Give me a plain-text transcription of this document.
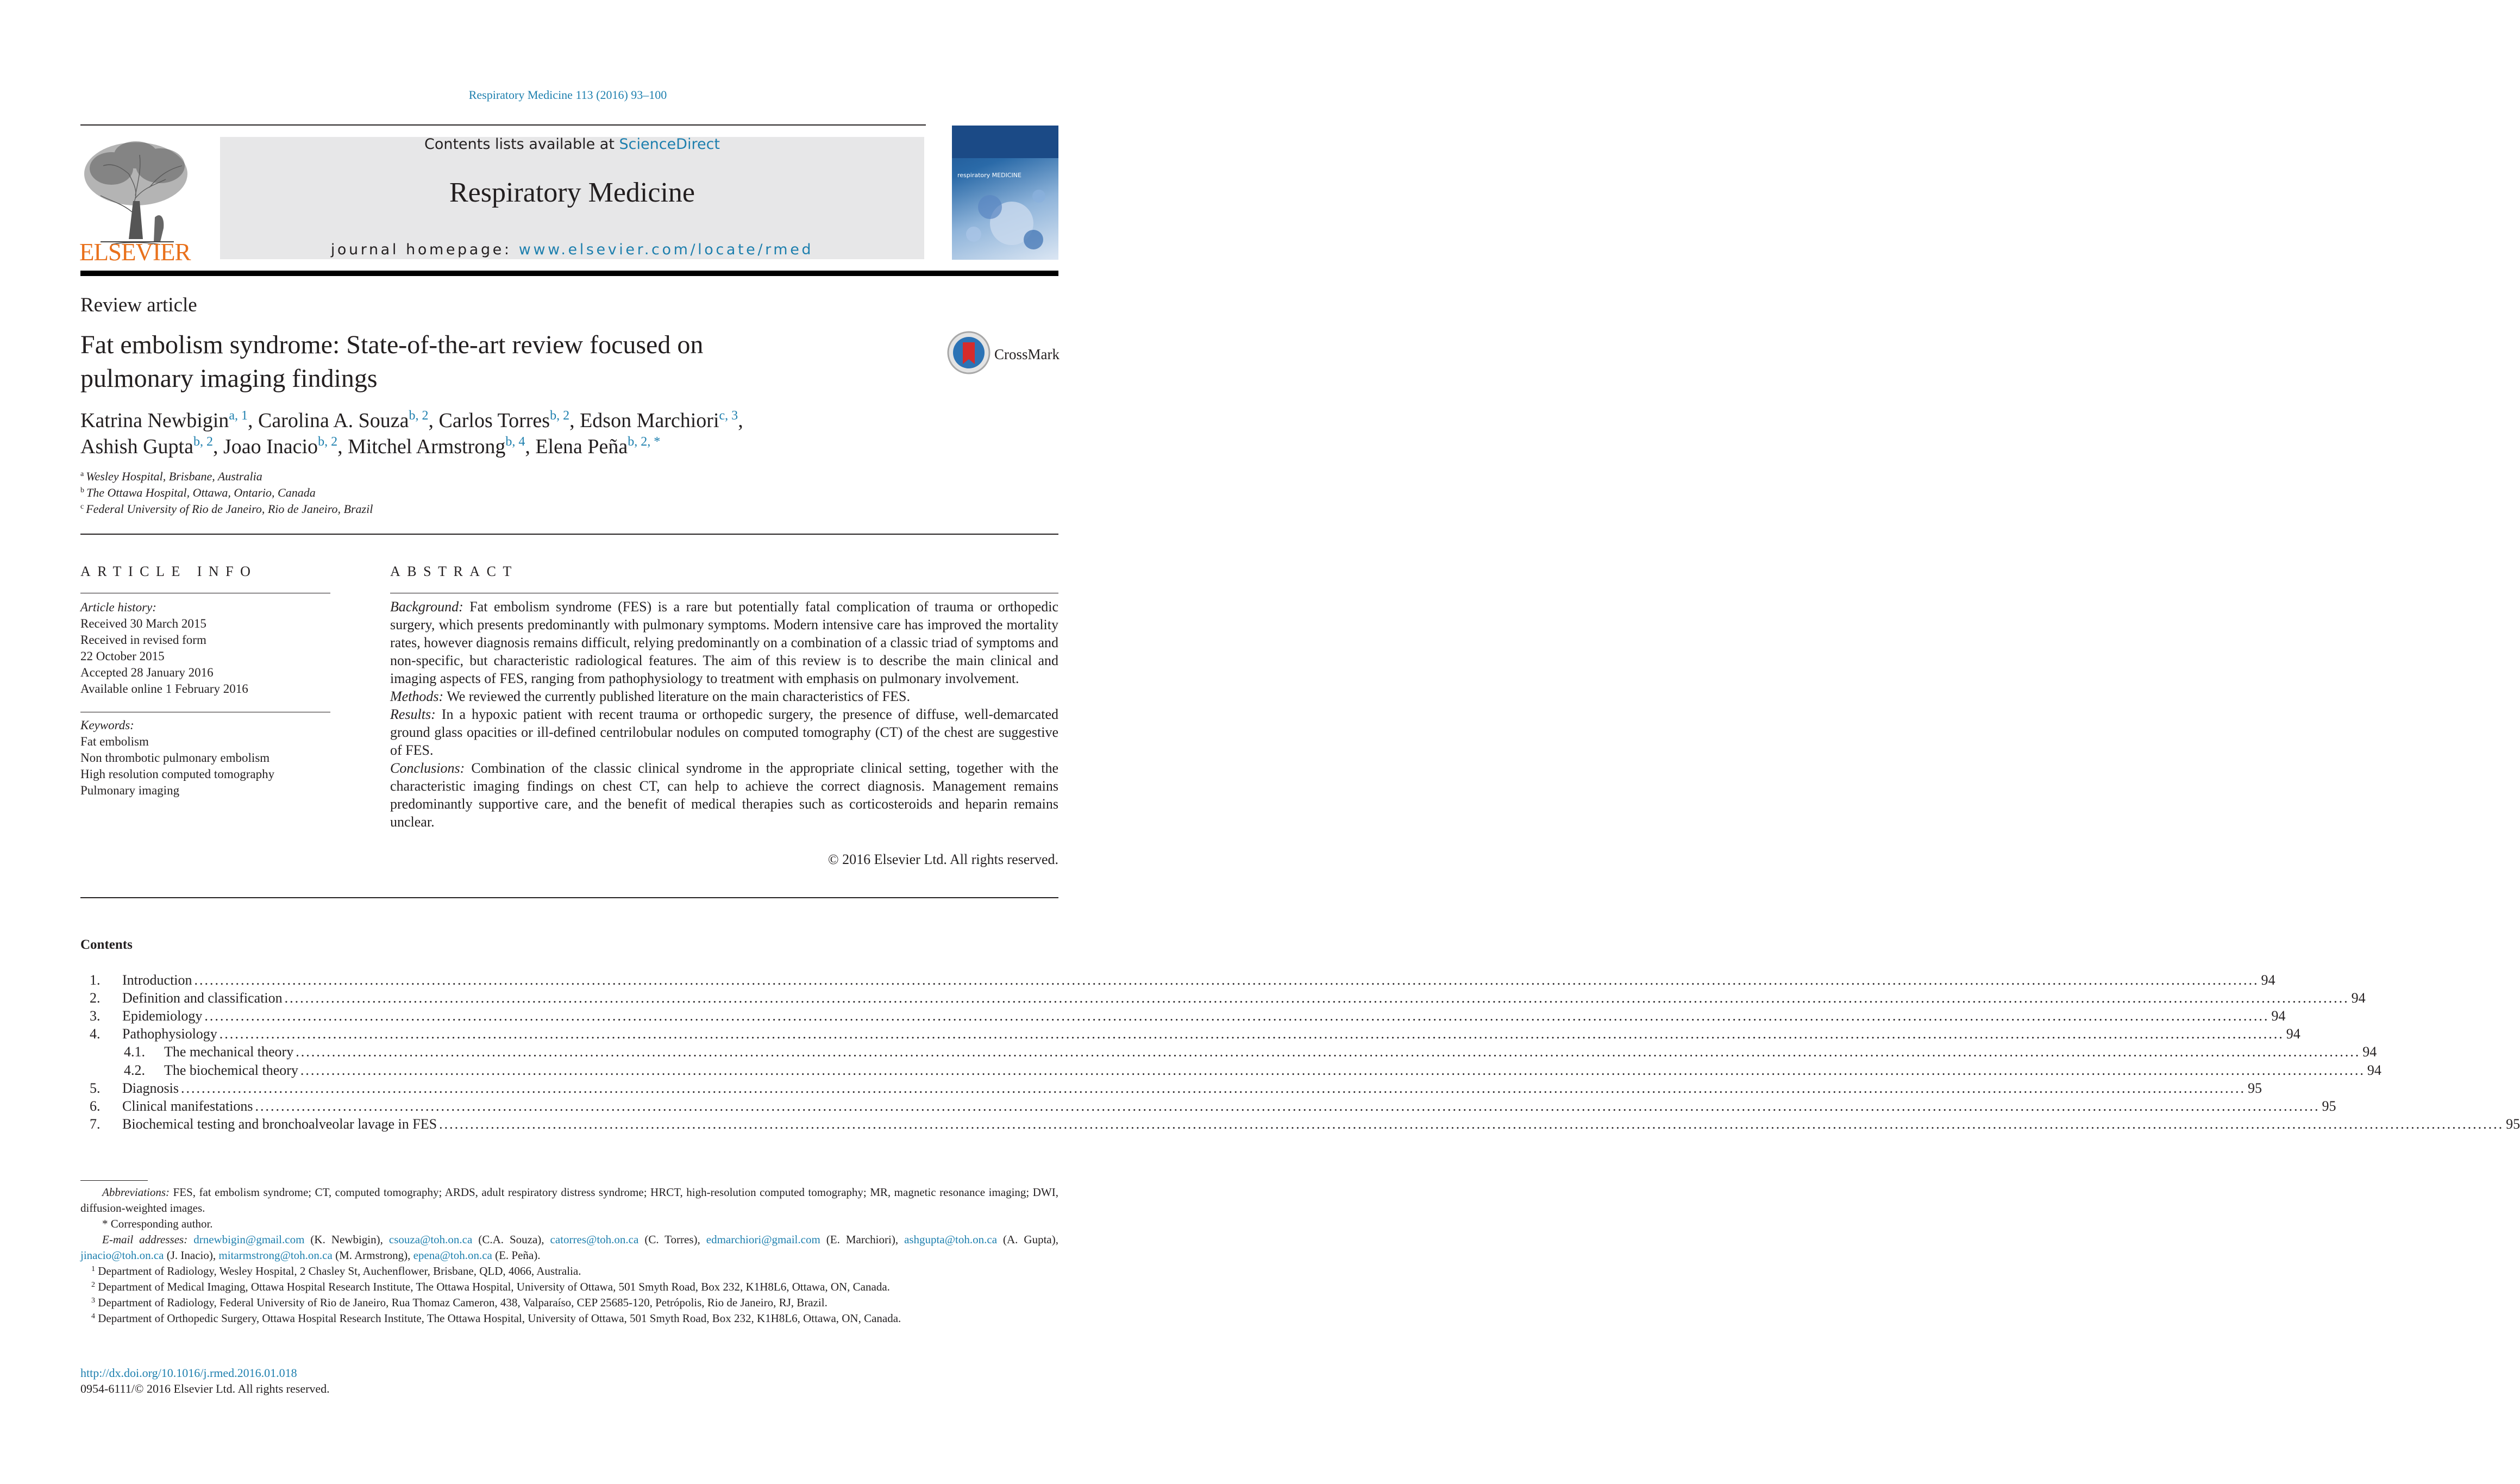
Respiratory Medicine 113 (2016) 93–100
ELSEVIER
Contents lists available at ScienceDirect
Respiratory Medicine
journal homepage: www.elsevier.com/locate/rmed
respiratory MEDICINE
Review article
Fat embolism syndrome: State-of-the-art review focused on
pulmonary imaging findings
CrossMark
Katrina Newbigin$^{a, 1}$, Carolina A. Souza$^{b, 2}$, Carlos Torres$^{b, 2}$, Edson Marchiori$^{c, 3}$,
Ashish Gupta$^{b, 2}$, Joao Inacio$^{b, 2}$, Mitchel Armstrong$^{b, 4}$, Elena Peña$^{b, 2, *}$
$^a$ Wesley Hospital, Brisbane, Australia
$^b$ The Ottawa Hospital, Ottawa, Ontario, Canada
$^c$ Federal University of Rio de Janeiro, Rio de Janeiro, Brazil
ARTICLE INFO
Article history:
Received 30 March 2015
Received in revised form
22 October 2015
Accepted 28 January 2016
Available online 1 February 2016
Keywords:
Fat embolism
Non thrombotic pulmonary embolism
High resolution computed tomography
Pulmonary imaging
ABSTRACT

Background: Fat embolism syndrome (FES) is a rare but potentially fatal complication of trauma or orthopedic surgery, which presents predominantly with pulmonary symptoms. Modern intensive care has improved the mortality rates, however diagnosis remains difficult, relying predominantly on a combination of a classic triad of symptoms and non-specific, but characteristic radiological features. The aim of this review is to describe the main clinical and imaging aspects of FES, ranging from pathophysiology to treatment with emphasis on pulmonary involvement.

Methods: We reviewed the currently published literature on the main characteristics of FES.

Results: In a hypoxic patient with recent trauma or orthopedic surgery, the presence of diffuse, well-demarcated ground glass opacities or ill-defined centrilobular nodules on computed tomography (CT) of the chest are suggestive of FES.

Conclusions: Combination of the classic clinical syndrome in the appropriate clinical setting, together with the characteristic imaging findings on chest CT, can help to achieve the correct diagnosis. Management remains predominantly supportive care, and the benefit of medical therapies such as corticosteroids and heparin remains unclear.

© 2016 Elsevier Ltd. All rights reserved.
Contents
1.	Introduction ................................................................................................................................................................................................................................................................................................................................................................................................................ 94
2.	Definition and classification ................................................................................................................................................................................................................................................................................................................................................................................................................ 94
3.	Epidemiology ................................................................................................................................................................................................................................................................................................................................................................................................................ 94
4.	Pathophysiology ................................................................................................................................................................................................................................................................................................................................................................................................................ 94
4.1.	The mechanical theory ................................................................................................................................................................................................................................................................................................................................................................................................................ 94
4.2.	The biochemical theory ................................................................................................................................................................................................................................................................................................................................................................................................................ 94
5.	Diagnosis ................................................................................................................................................................................................................................................................................................................................................................................................................ 95
6.	Clinical manifestations ................................................................................................................................................................................................................................................................................................................................................................................................................ 95
7.	Biochemical testing and bronchoalveolar lavage in FES ................................................................................................................................................................................................................................................................................................................................................................................................................ 95

Abbreviations: FES, fat embolism syndrome; CT, computed tomography; ARDS, adult respiratory distress syndrome; HRCT, high-resolution computed tomography; MR, magnetic resonance imaging; DWI, diffusion-weighted images.

* Corresponding author.

E-mail addresses: drnewbigin@gmail.com (K. Newbigin), csouza@toh.on.ca (C.A. Souza), catorres@toh.on.ca (C. Torres), edmarchiori@gmail.com (E. Marchiori), ashgupta@toh.on.ca (A. Gupta), jinacio@toh.on.ca (J. Inacio), mitarmstrong@toh.on.ca (M. Armstrong), epena@toh.on.ca (E. Peña).

$^1$ Department of Radiology, Wesley Hospital, 2 Chasley St, Auchenflower, Brisbane, QLD, 4066, Australia.

$^2$ Department of Medical Imaging, Ottawa Hospital Research Institute, The Ottawa Hospital, University of Ottawa, 501 Smyth Road, Box 232, K1H8L6, Ottawa, ON, Canada.

$^3$ Department of Radiology, Federal University of Rio de Janeiro, Rua Thomaz Cameron, 438, Valparaíso, CEP 25685-120, Petrópolis, Rio de Janeiro, RJ, Brazil.

$^4$ Department of Orthopedic Surgery, Ottawa Hospital Research Institute, The Ottawa Hospital, University of Ottawa, 501 Smyth Road, Box 232, K1H8L6, Ottawa, ON, Canada.

http://dx.doi.org/10.1016/j.rmed.2016.01.018
0954-6111/© 2016 Elsevier Ltd. All rights reserved.
